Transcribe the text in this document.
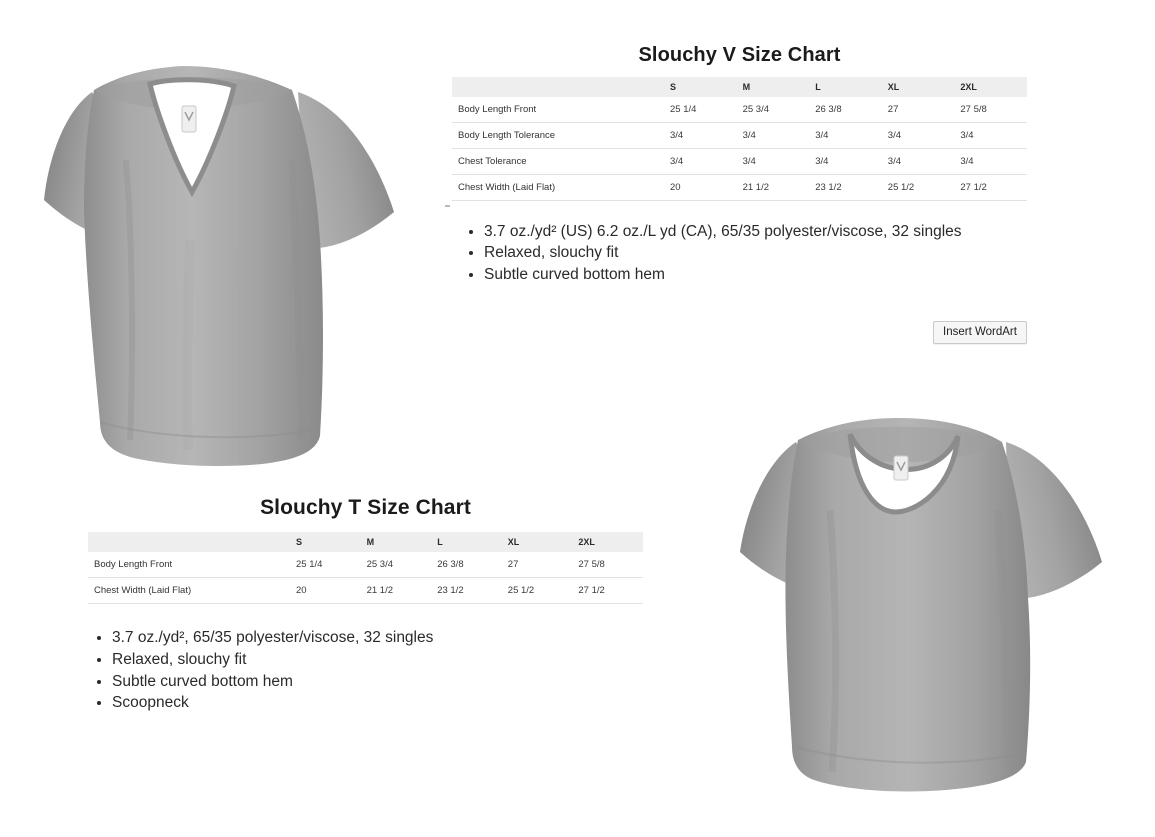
Slouchy V Size Chart
	S	M	L	XL	2XL
Body Length Front	25 1/4	25 3/4	26 3/8	27	27 5/8
Body Length Tolerance	3/4	3/4	3/4	3/4	3/4
Chest Tolerance	3/4	3/4	3/4	3/4	3/4
Chest Width (Laid Flat)	20	21 1/2	23 1/2	25 1/2	27 1/2
• 3.7 oz./yd² (US) 6.2 oz./L yd (CA), 65/35 polyester/viscose, 32 singles
• Relaxed, slouchy fit
• Subtle curved bottom hem
Slouchy T Size Chart
	S	M	L	XL	2XL
Body Length Front	25 1/4	25 3/4	26 3/8	27	27 5/8
Chest Width (Laid Flat)	20	21 1/2	23 1/2	25 1/2	27 1/2
• 3.7 oz./yd², 65/35 polyester/viscose, 32 singles
• Relaxed, slouchy fit
• Subtle curved bottom hem
• Scoopneck
Insert WordArt
